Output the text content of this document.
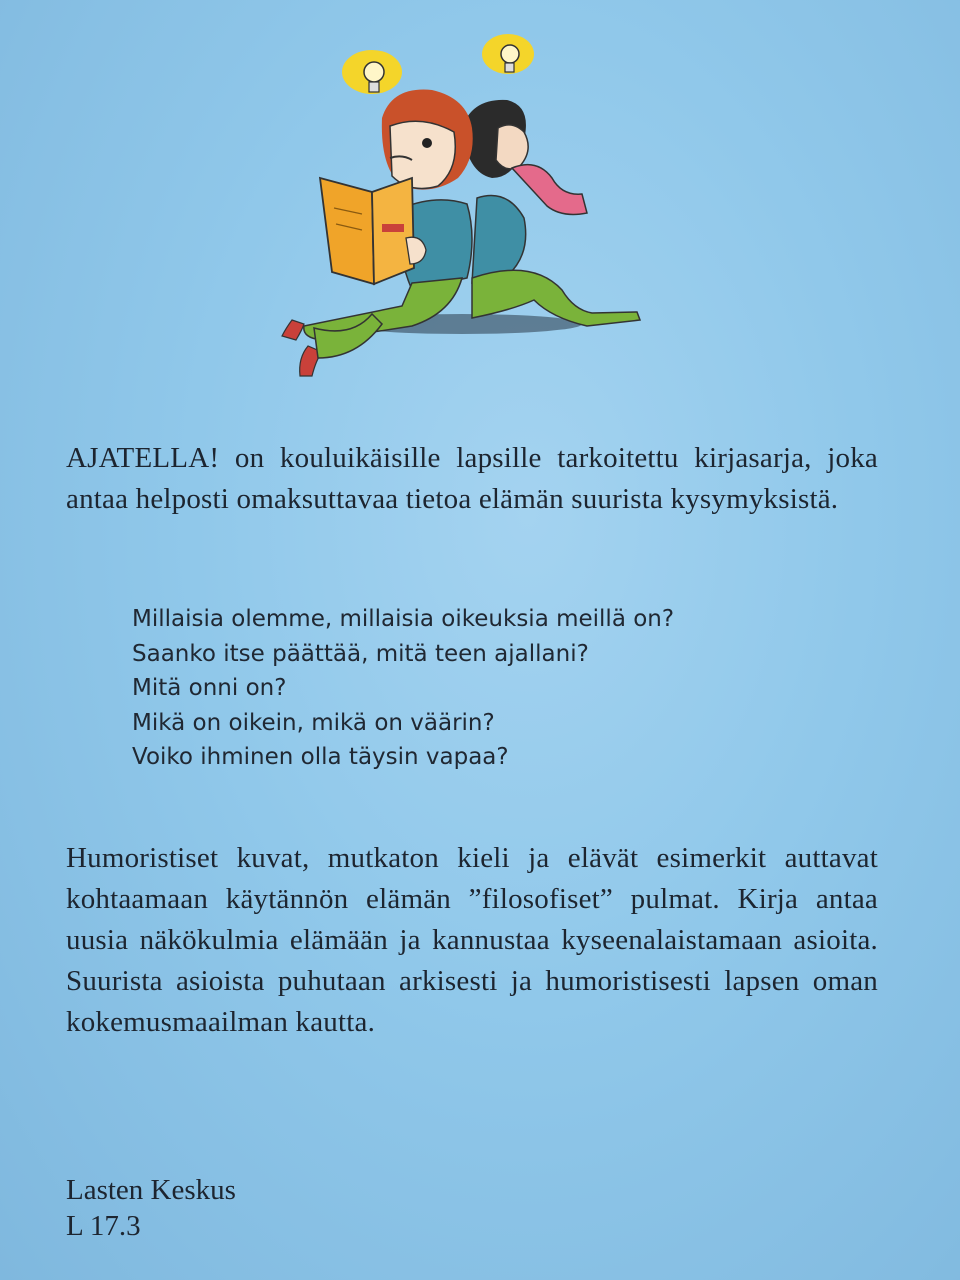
AJATELLA! on kouluikäisille lapsille tarkoitettu kirjasarja, joka antaa helposti omaksuttavaa tietoa elämän suurista kysymyksistä.
Millaisia olemme, millaisia oikeuksia meillä on?
Saanko itse päättää, mitä teen ajallani?
Mitä onni on?
Mikä on oikein, mikä on väärin?
Voiko ihminen olla täysin vapaa?
Humoristiset kuvat, mutkaton kieli ja elävät esimerkit auttavat kohtaamaan käytännön elämän ”filosofiset” pulmat. Kirja antaa uusia näkökulmia elämään ja kannustaa kyseenalaistamaan asioita. Suurista asioista puhutaan arkisesti ja humoristisesti lapsen oman kokemusmaailman kautta.
Lasten Keskus
L 17.3
